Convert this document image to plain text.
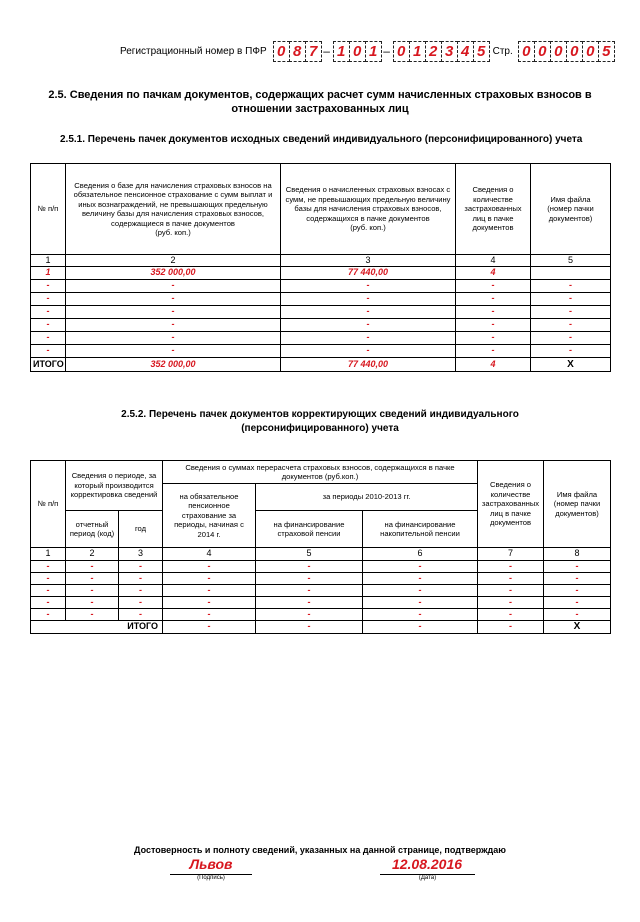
Регистрационный номер в ПФР 0 8 7 – 1 0 1 – 0 1 2 3 4 5 Стр. 0 0 0 0 0 5
2.5. Сведения по пачкам документов, содержащих расчет сумм начисленных страховых взносов в отношении застрахованных лиц
2.5.1. Перечень пачек документов исходных сведений индивидуального (персонифицированного) учета
№ п/п	Сведения о базе для начисления страховых взносов на обязательное пенсионное страхование с сумм выплат и иных вознаграждений, не превышающих предельную величину базы для начисления страховых взносов, содержащиеся в пачке документов
(руб. коп.)	Сведения о начисленных страховых взносах с сумм, не превышающих предельную величину базы для начисления страховых взносов, содержащихся в пачке документов
(руб. коп.)	Сведения о количестве застрахованных лиц в пачке документов	Имя файла
(номер пачки документов)
1	2	3	4	5
1	352 000,00	77 440,00	4	
-	-	-	-	-
-	-	-	-	-
-	-	-	-	-
-	-	-	-	-
-	-	-	-	-
-	-	-	-	-
ИТОГО	352 000,00	77 440,00	4	X
2.5.2. Перечень пачек документов корректирующих сведений индивидуального (персонифицированного) учета
№ п/п	Сведения о периоде, за который производится корректировка сведений		Сведения о суммах перерасчета страховых взносов, содержащихся в пачке документов (руб.коп.)			Сведения о количестве застрахованных лиц в пачке документов	Имя файла (номер пачки документов)
			на обязательное пенсионное страхование за периоды, начиная с 2014 г.	за периоды 2010-2013 гг.			
	отчетный период (код)	год		на финансирование страховой пенсии	на финансирование накопительной пенсии		
1	2	3	4	5	6	7	8
-	-	-	-	-	-	-	-
-	-	-	-	-	-	-	-
-	-	-	-	-	-	-	-
-	-	-	-	-	-	-	-
-	-	-	-	-	-	-	-
ИТОГО			-	-	-	-	X
Достоверность и полноту сведений, указанных на данной странице, подтверждаю
Львов
(Подпись)
12.08.2016
(Дата)
